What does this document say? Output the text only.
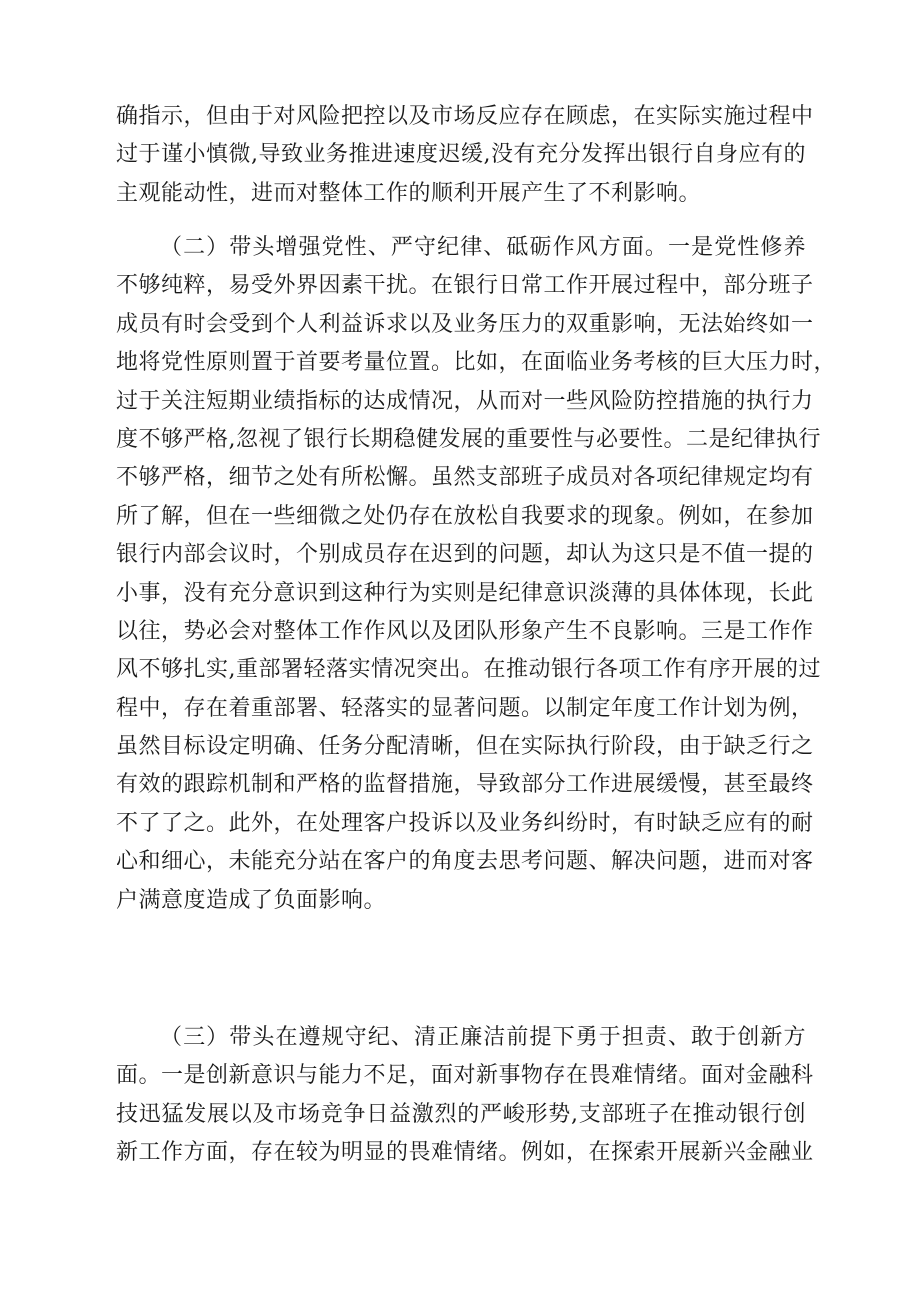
确指示，但由于对风险把控以及市场反应存在顾虑，在实际实施过程中
过于谨小慎微,导致业务推进速度迟缓,没有充分发挥出银行自身应有的
主观能动性，进而对整体工作的顺利开展产生了不利影响。
（二）带头增强党性、严守纪律、砥砺作风方面。一是党性修养
不够纯粹，易受外界因素干扰。在银行日常工作开展过程中，部分班子
成员有时会受到个人利益诉求以及业务压力的双重影响，无法始终如一
地将党性原则置于首要考量位置。比如，在面临业务考核的巨大压力时，
过于关注短期业绩指标的达成情况，从而对一些风险防控措施的执行力
度不够严格,忽视了银行长期稳健发展的重要性与必要性。二是纪律执行
不够严格，细节之处有所松懈。虽然支部班子成员对各项纪律规定均有
所了解，但在一些细微之处仍存在放松自我要求的现象。例如，在参加
银行内部会议时，个别成员存在迟到的问题，却认为这只是不值一提的
小事，没有充分意识到这种行为实则是纪律意识淡薄的具体体现，长此
以往，势必会对整体工作作风以及团队形象产生不良影响。三是工作作
风不够扎实,重部署轻落实情况突出。在推动银行各项工作有序开展的过
程中，存在着重部署、轻落实的显著问题。以制定年度工作计划为例，
虽然目标设定明确、任务分配清晰，但在实际执行阶段，由于缺乏行之
有效的跟踪机制和严格的监督措施，导致部分工作进展缓慢，甚至最终
不了了之。此外，在处理客户投诉以及业务纠纷时，有时缺乏应有的耐
心和细心，未能充分站在客户的角度去思考问题、解决问题，进而对客
户满意度造成了负面影响。
（三）带头在遵规守纪、清正廉洁前提下勇于担责、敢于创新方
面。一是创新意识与能力不足，面对新事物存在畏难情绪。面对金融科
技迅猛发展以及市场竞争日益激烈的严峻形势,支部班子在推动银行创
新工作方面，存在较为明显的畏难情绪。例如，在探索开展新兴金融业
